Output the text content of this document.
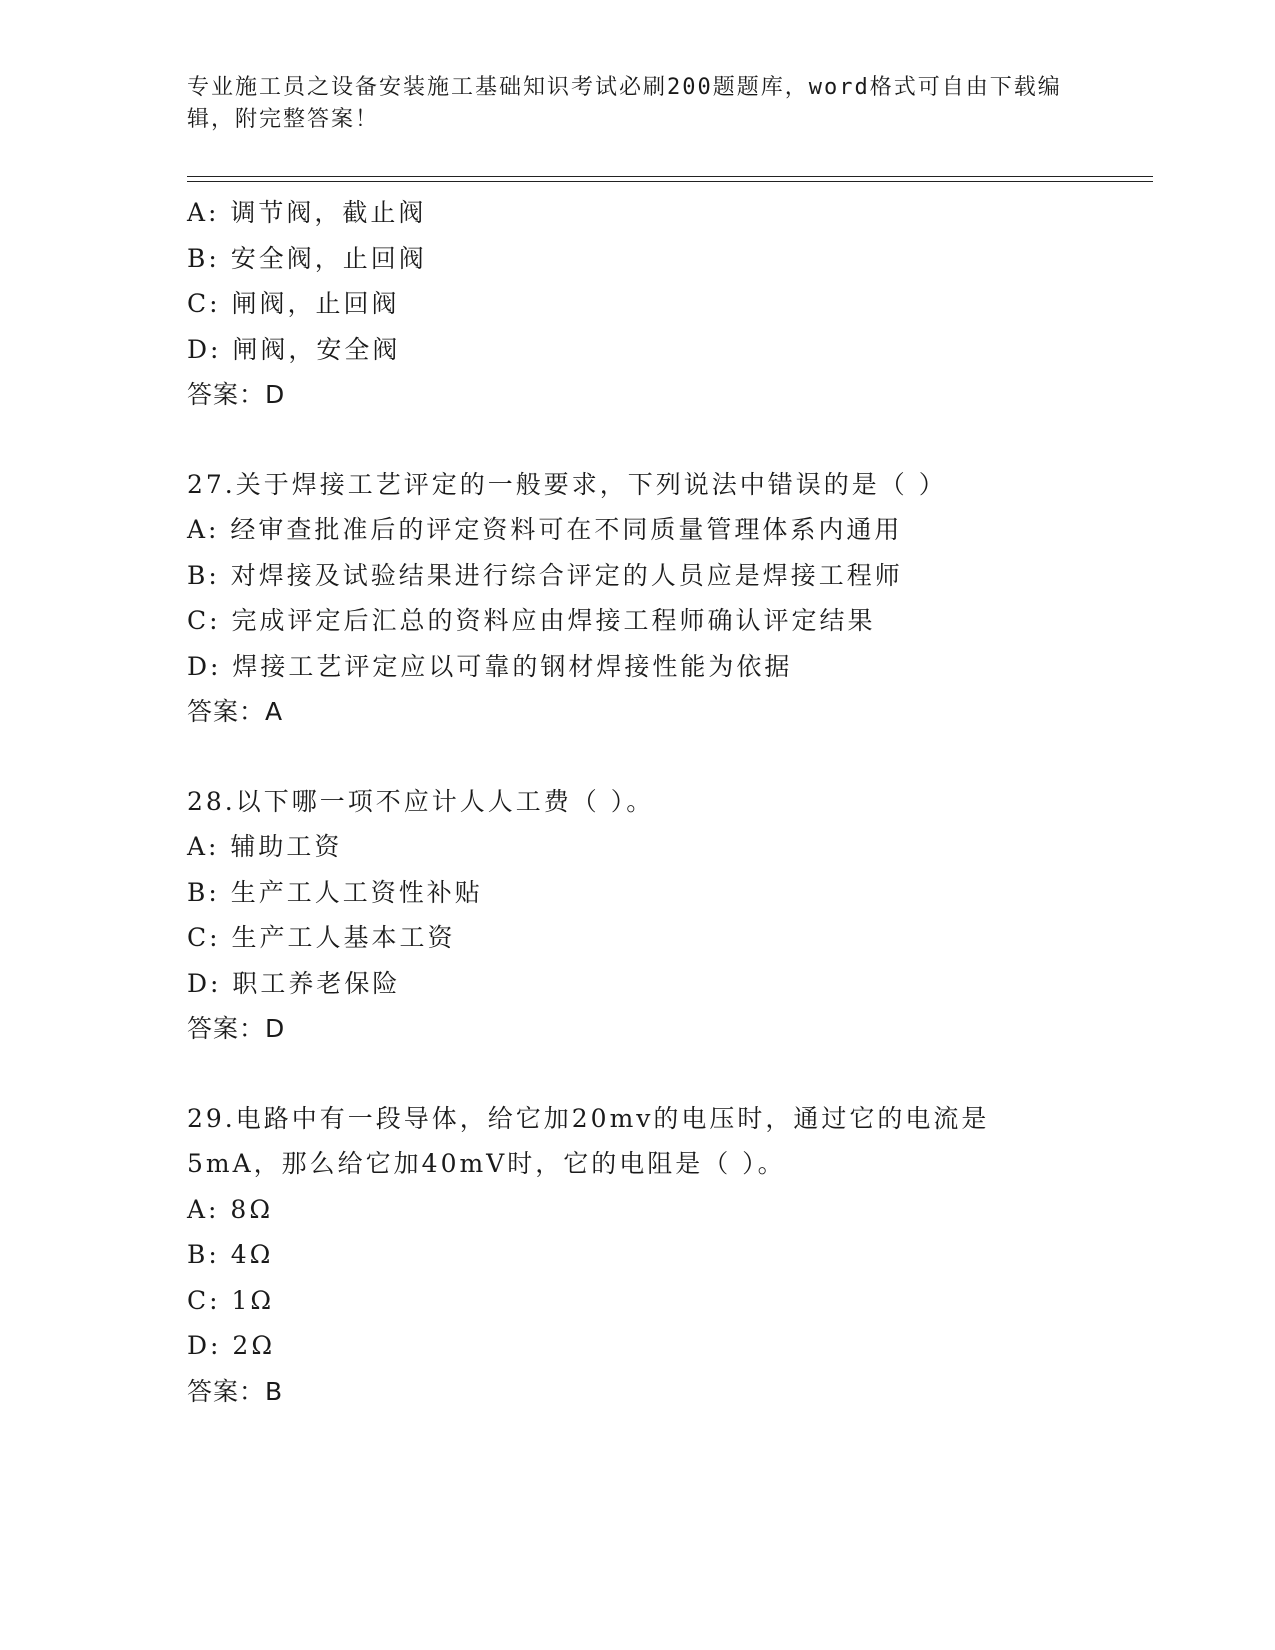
专业施工员之设备安装施工基础知识考试必刷200题题库，word格式可自由下载编辑，附完整答案！
A: 调节阀，截止阀
B: 安全阀，止回阀
C: 闸阀，止回阀
D: 闸阀，安全阀
答案：D
27.关于焊接工艺评定的一般要求，下列说法中错误的是（ ）
A: 经审查批准后的评定资料可在不同质量管理体系内通用
B: 对焊接及试验结果进行综合评定的人员应是焊接工程师
C: 完成评定后汇总的资料应由焊接工程师确认评定结果
D: 焊接工艺评定应以可靠的钢材焊接性能为依据
答案：A
28.以下哪一项不应计人人工费（ ）。
A: 辅助工资
B: 生产工人工资性补贴
C: 生产工人基本工资
D: 职工养老保险
答案：D
29.电路中有一段导体，给它加20mv的电压时，通过它的电流是5mA，那么给它加40mV时，它的电阻是（ ）。
A: 8Ω
B: 4Ω
C: 1Ω
D: 2Ω
答案：B
